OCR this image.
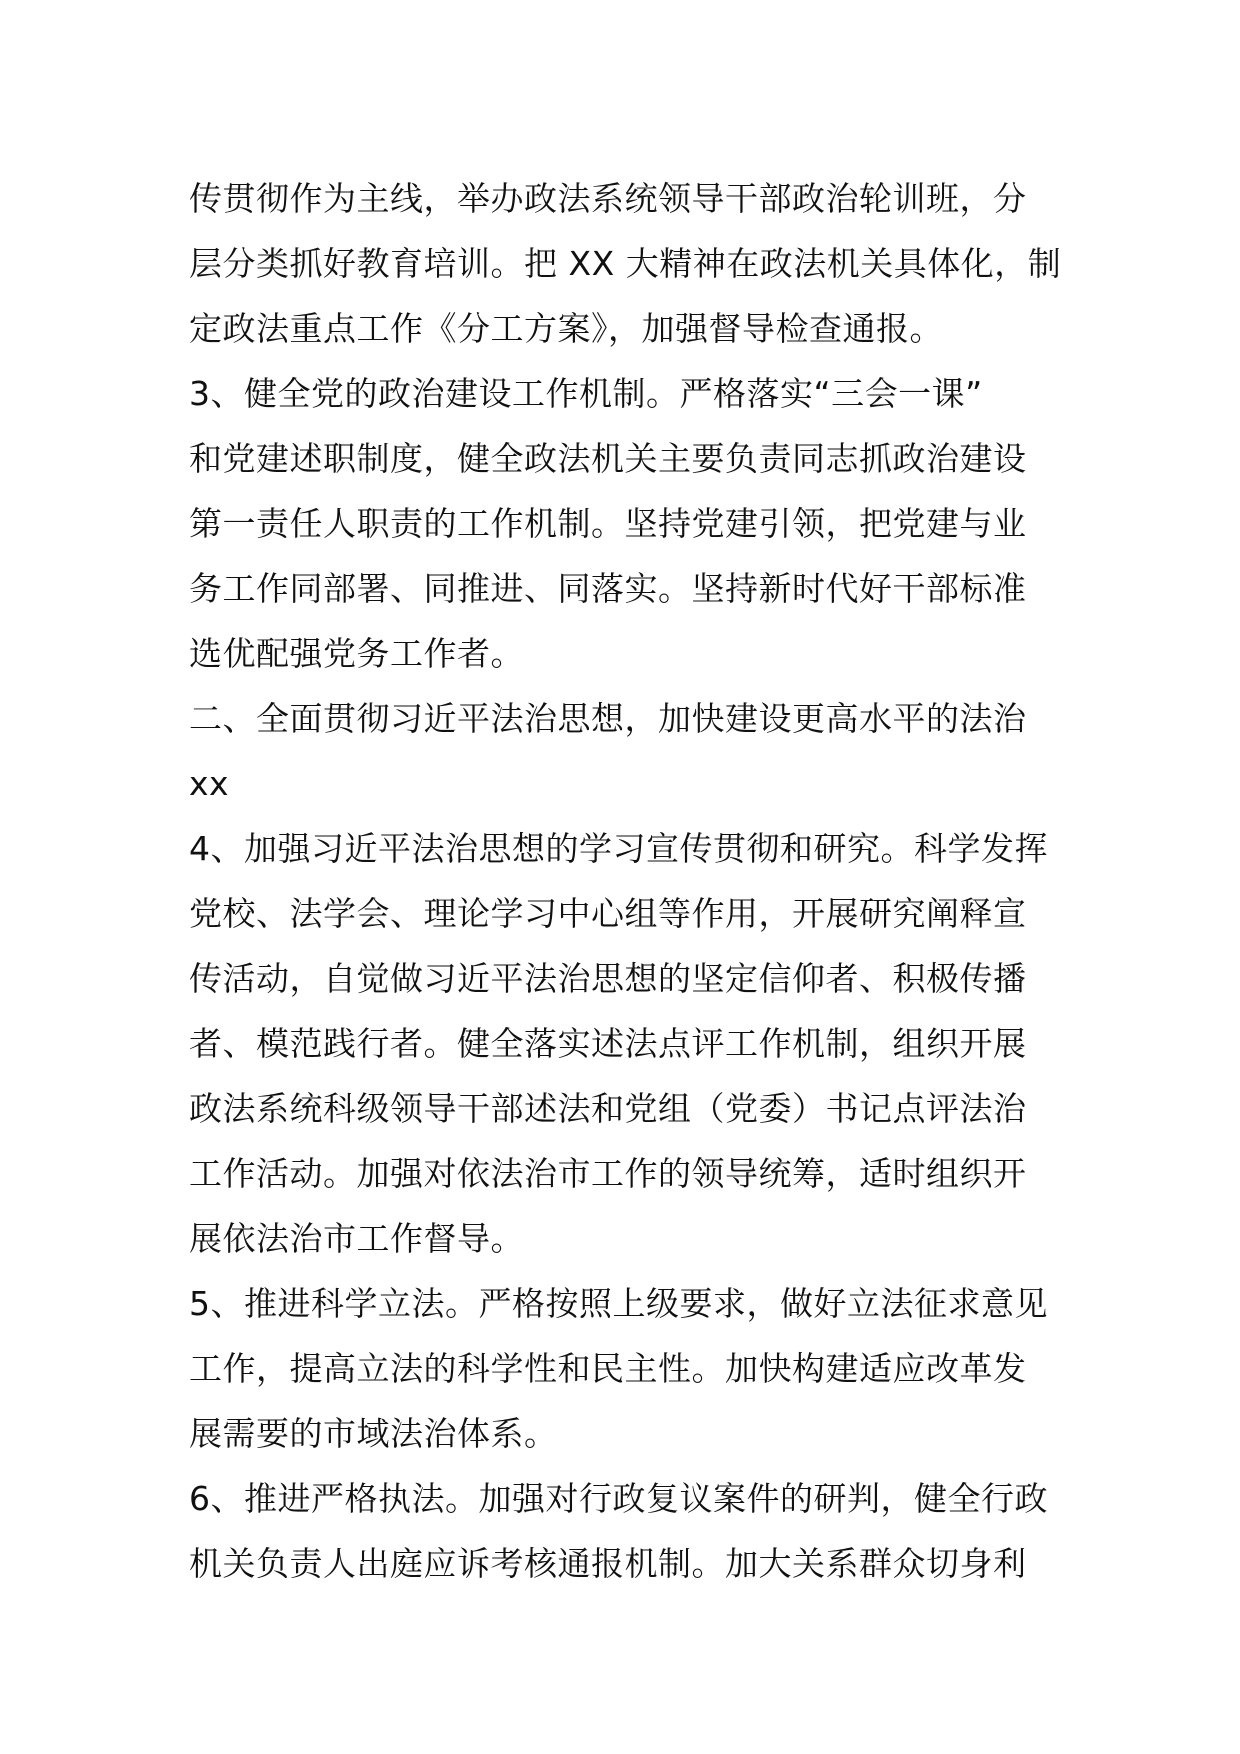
传贯彻作为主线，举办政法系统领导干部政治轮训班，分
层分类抓好教育培训。把 XX 大精神在政法机关具体化，制
定政法重点工作《分工方案》，加强督导检查通报。
3、健全党的政治建设工作机制。严格落实“三会一课”
和党建述职制度，健全政法机关主要负责同志抓政治建设
第一责任人职责的工作机制。坚持党建引领，把党建与业
务工作同部署、同推进、同落实。坚持新时代好干部标准
选优配强党务工作者。
二、全面贯彻习近平法治思想，加快建设更高水平的法治
xx
4、加强习近平法治思想的学习宣传贯彻和研究。科学发挥
党校、法学会、理论学习中心组等作用，开展研究阐释宣
传活动，自觉做习近平法治思想的坚定信仰者、积极传播
者、模范践行者。健全落实述法点评工作机制，组织开展
政法系统科级领导干部述法和党组（党委）书记点评法治
工作活动。加强对依法治市工作的领导统筹，适时组织开
展依法治市工作督导。
5、推进科学立法。严格按照上级要求，做好立法征求意见
工作，提高立法的科学性和民主性。加快构建适应改革发
展需要的市域法治体系。
6、推进严格执法。加强对行政复议案件的研判，健全行政
机关负责人出庭应诉考核通报机制。加大关系群众切身利
